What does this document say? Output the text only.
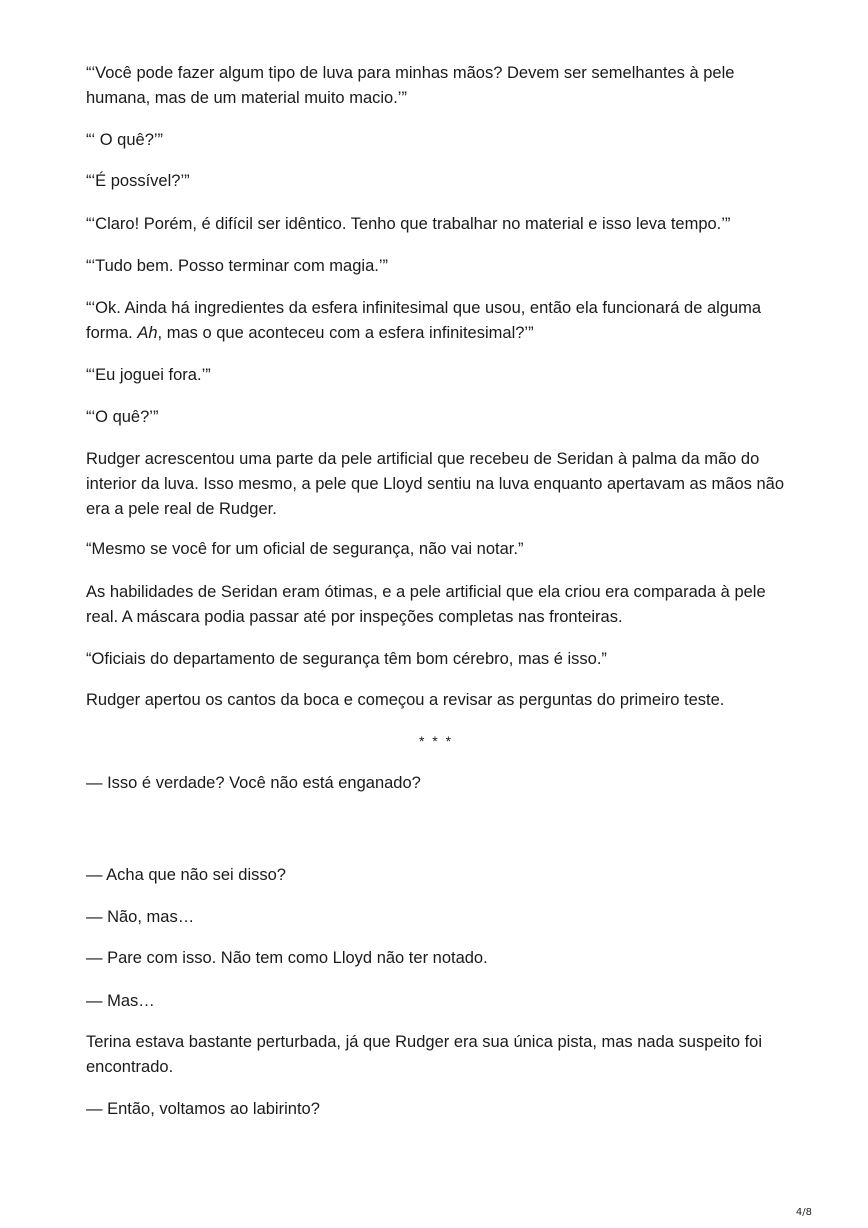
“‘Você pode fazer algum tipo de luva para minhas mãos? Devem ser semelhantes à pele humana, mas de um material muito macio.’”

“‘ O quê?’”

“‘É possível?’”

“‘Claro! Porém, é difícil ser idêntico. Tenho que trabalhar no material e isso leva tempo.’”

“‘Tudo bem. Posso terminar com magia.’”

“‘Ok. Ainda há ingredientes da esfera infinitesimal que usou, então ela funcionará de alguma forma. Ah, mas o que aconteceu com a esfera infinitesimal?’”

“‘Eu joguei fora.’”

“‘O quê?’”

Rudger acrescentou uma parte da pele artificial que recebeu de Seridan à palma da mão do interior da luva. Isso mesmo, a pele que Lloyd sentiu na luva enquanto apertavam as mãos não era a pele real de Rudger.

“Mesmo se você for um oficial de segurança, não vai notar.”

As habilidades de Seridan eram ótimas, e a pele artificial que ela criou era comparada à pele real. A máscara podia passar até por inspeções completas nas fronteiras.

“Oficiais do departamento de segurança têm bom cérebro, mas é isso.”

Rudger apertou os cantos da boca e começou a revisar as perguntas do primeiro teste.

* * *

— Isso é verdade? Você não está enganado?

— Acha que não sei disso?

— Não, mas…

— Pare com isso. Não tem como Lloyd não ter notado.

— Mas…

Terina estava bastante perturbada, já que Rudger era sua única pista, mas nada suspeito foi encontrado.

— Então, voltamos ao labirinto?

4/8
